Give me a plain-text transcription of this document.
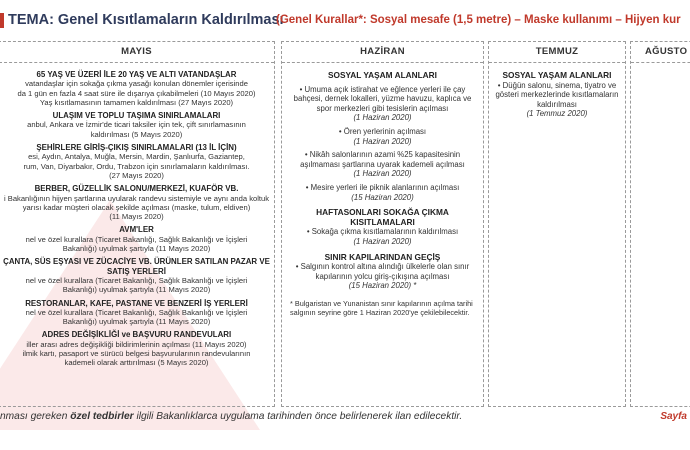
TEMA: Genel Kısıtlamaların Kaldırılması
(Genel Kurallar*: Sosyal mesafe (1,5 metre) – Maske kullanımı – Hijyen kur
MAYIS
65 YAŞ VE ÜZERİ İLE 20 YAŞ VE ALTI VATANDAŞLAR
vatandaşlar için sokağa çıkma yasağı konulan dönemler içerisinde
da 1 gün en fazla 4 saat süre ile dışarıya çıkabilmeleri (10 Mayıs 2020)
Yaş kısıtlamasının tamamen kaldırılması (27 Mayıs 2020)
ULAŞIM VE TOPLU TAŞIMA SINIRLAMALARI
anbul, Ankara ve İzmir'de ticari taksiler için tek, çift sınırlamasının
kaldırılması (5 Mayıs 2020)
ŞEHİRLERE GİRİŞ-ÇIKIŞ SINIRLAMALARI (13 İL İÇİN)
esi, Aydın, Antalya, Muğla, Mersin, Mardin, Şanlıurfa, Gaziantep,
rum, Van, Diyarbakır, Ordu, Trabzon için sınırlamaların kaldırılması.
(27 Mayıs 2020)
BERBER, GÜZELLİK SALONU/MERKEZİ, KUAFÖR VB.
i Bakanlığının hijyen şartlarına uyularak randevu sistemiyle ve aynı anda koltuk
yarısı kadar müşteri olacak şekilde açılması (maske, tulum, eldiven)
(11 Mayıs 2020)
AVM'LER
nel ve özel kurallara (Ticaret Bakanlığı, Sağlık Bakanlığı ve İçişleri
Bakanlığı) uyulmak şartıyla (11 Mayıs 2020)
ÇANTA, SÜS EŞYASI VE ZÜCACİYE VB. ÜRÜNLER SATILAN PAZAR VE SATIŞ YERLERİ
nel ve özel kurallara (Ticaret Bakanlığı, Sağlık Bakanlığı ve İçişleri
Bakanlığı) uyulmak şartıyla (11 Mayıs 2020)
RESTORANLAR, KAFE, PASTANE VE BENZERİ İŞ YERLERİ
nel ve özel kurallara (Ticaret Bakanlığı, Sağlık Bakanlığı ve İçişleri
Bakanlığı) uyulmak şartıyla (11 Mayıs 2020)
ADRES DEĞİŞİKLİĞİ ve BAŞVURU RANDEVULARI
iller arası adres değişikliği bildirimlerinin açılması (11 Mayıs 2020)
ilmik kartı, pasaport ve sürücü belgesi başvurularının randevularının
kademeli olarak arttırılması (5 Mayıs 2020)
HAZİRAN
SOSYAL YAŞAM ALANLARI
• Umuma açık istirahat ve eğlence yerleri ile çay bahçesi, dernek lokalleri, yüzme havuzu, kaplıca ve spor merkezleri gibi tesislerin açılması
(1 Haziran 2020)
• Ören yerlerinin açılması
(1 Haziran 2020)
• Nikâh salonlarının azami %25 kapasitesinin aşılmaması şartlarına uyarak kademeli açılması
(1 Haziran 2020)
• Mesire yerleri ile piknik alanlarının açılması
(15 Haziran 2020)
HAFTASONLARI SOKAĞA ÇIKMA KISITLAMALARI
• Sokağa çıkma kısıtlamalarının kaldırılması
(1 Haziran 2020)
SINIR KAPILARINDAN GEÇİŞ
• Salgının kontrol altına alındığı ülkelerle olan sınır kapılarının yolcu giriş-çıkışına açılması
(15 Haziran 2020) *
* Bulgaristan ve Yunanistan sınır kapılarının açılma tarihi salgının seyrine göre 1 Haziran 2020'ye çekilebilecektir.
TEMMUZ
SOSYAL YAŞAM ALANLARI
• Düğün salonu, sinema, tiyatro ve gösteri merkezlerinde kısıtlamaların kaldırılması
(1 Temmuz 2020)
AĞUSTO
nması gereken özel tedbirler ilgili Bakanlıklarca uygulama tarihinden önce belirlenerek ilan edilecektir.	Sayfa
